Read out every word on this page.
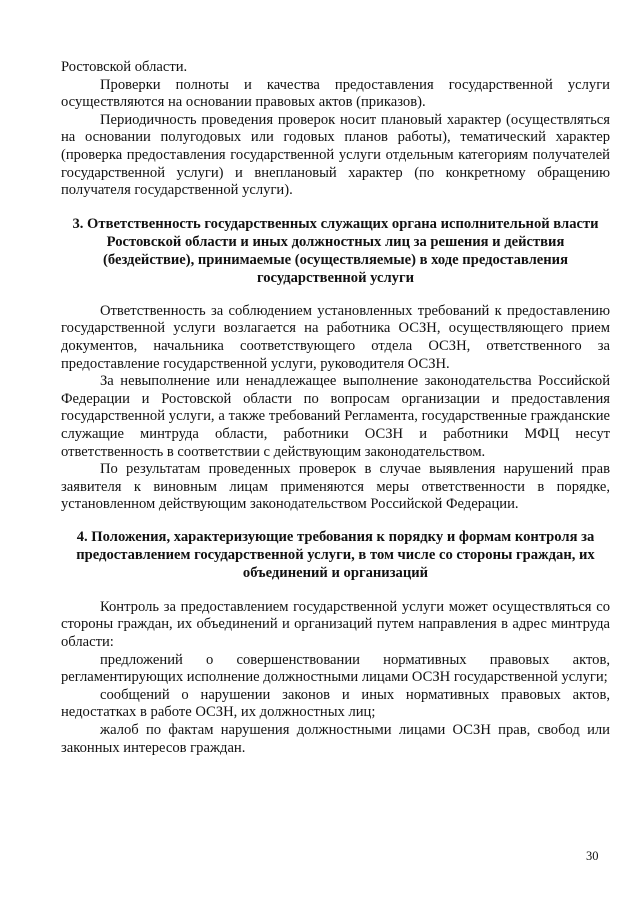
Ростовской области.

Проверки полноты и качества предоставления государственной услуги осуществляются на основании правовых актов (приказов).

Периодичность проведения проверок носит плановый характер (осуществляться на основании полугодовых или годовых планов работы), тематический характер (проверка предоставления государственной услуги отдельным категориям получателей государственной услуги) и внеплановый характер (по конкретному обращению получателя государственной услуги).

3. Ответственность государственных служащих органа исполнительной власти Ростовской области и иных должностных лиц за решения и действия (бездействие), принимаемые (осуществляемые) в ходе предоставления государственной услуги

Ответственность за соблюдением установленных требований к предоставлению государственной услуги возлагается на работника ОСЗН, осуществляющего прием документов, начальника соответствующего отдела ОСЗН, ответственного за предоставление государственной услуги, руководителя ОСЗН.

За невыполнение или ненадлежащее выполнение законодательства Российской Федерации и Ростовской области по вопросам организации и предоставления государственной услуги, а также требований Регламента, государственные гражданские служащие минтруда области, работники ОСЗН и работники МФЦ несут ответственность в соответствии с действующим законодательством.

По результатам проведенных проверок в случае выявления нарушений прав заявителя к виновным лицам применяются меры ответственности в порядке, установленном действующим законодательством Российской Федерации.

4. Положения, характеризующие требования к порядку и формам контроля за предоставлением государственной услуги, в том числе со стороны граждан, их объединений и организаций

Контроль за предоставлением государственной услуги может осуществляться со стороны граждан, их объединений и организаций путем направления в адрес минтруда области:

предложений о совершенствовании нормативных правовых актов, регламентирующих исполнение должностными лицами ОСЗН государственной услуги;

сообщений о нарушении законов и иных нормативных правовых актов, недостатках в работе ОСЗН, их должностных лиц;

жалоб по фактам нарушения должностными лицами ОСЗН прав, свобод или законных интересов граждан.

30
